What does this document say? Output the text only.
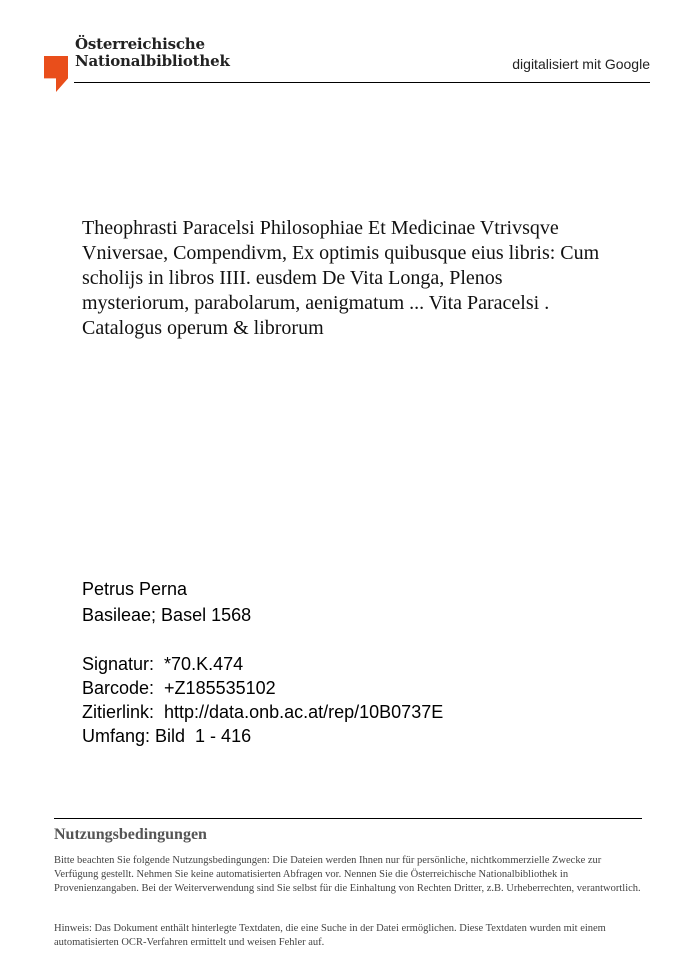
Österreichische
Nationalbibliothek	digitalisiert mit Google
Theophrasti Paracelsi Philosophiae Et Medicinae Vtrivsqve Vniversae, Compendivm, Ex optimis quibusque eius libris: Cum scholijs in libros IIII. eusdem De Vita Longa, Plenos mysteriorum, parabolarum, aenigmatum ... Vita Paracelsi . Catalogus operum & librorum
Petrus Perna
Basileae; Basel 1568
Signatur:  *70.K.474
Barcode:  +Z185535102
Zitierlink:  http://data.onb.ac.at/rep/10B0737E
Umfang: Bild  1 - 416
Nutzungsbedingungen
Bitte beachten Sie folgende Nutzungsbedingungen: Die Dateien werden Ihnen nur für persönliche, nichtkommerzielle Zwecke zur Verfügung gestellt. Nehmen Sie keine automatisierten Abfragen vor. Nennen Sie die Österreichische Nationalbibliothek in Provenienzangaben. Bei der Weiterverwendung sind Sie selbst für die Einhaltung von Rechten Dritter, z.B. Urheberrechten, verantwortlich.
Hinweis: Das Dokument enthält hinterlegte Textdaten, die eine Suche in der Datei ermöglichen. Diese Textdaten wurden mit einem automatisierten OCR-Verfahren ermittelt und weisen Fehler auf.
